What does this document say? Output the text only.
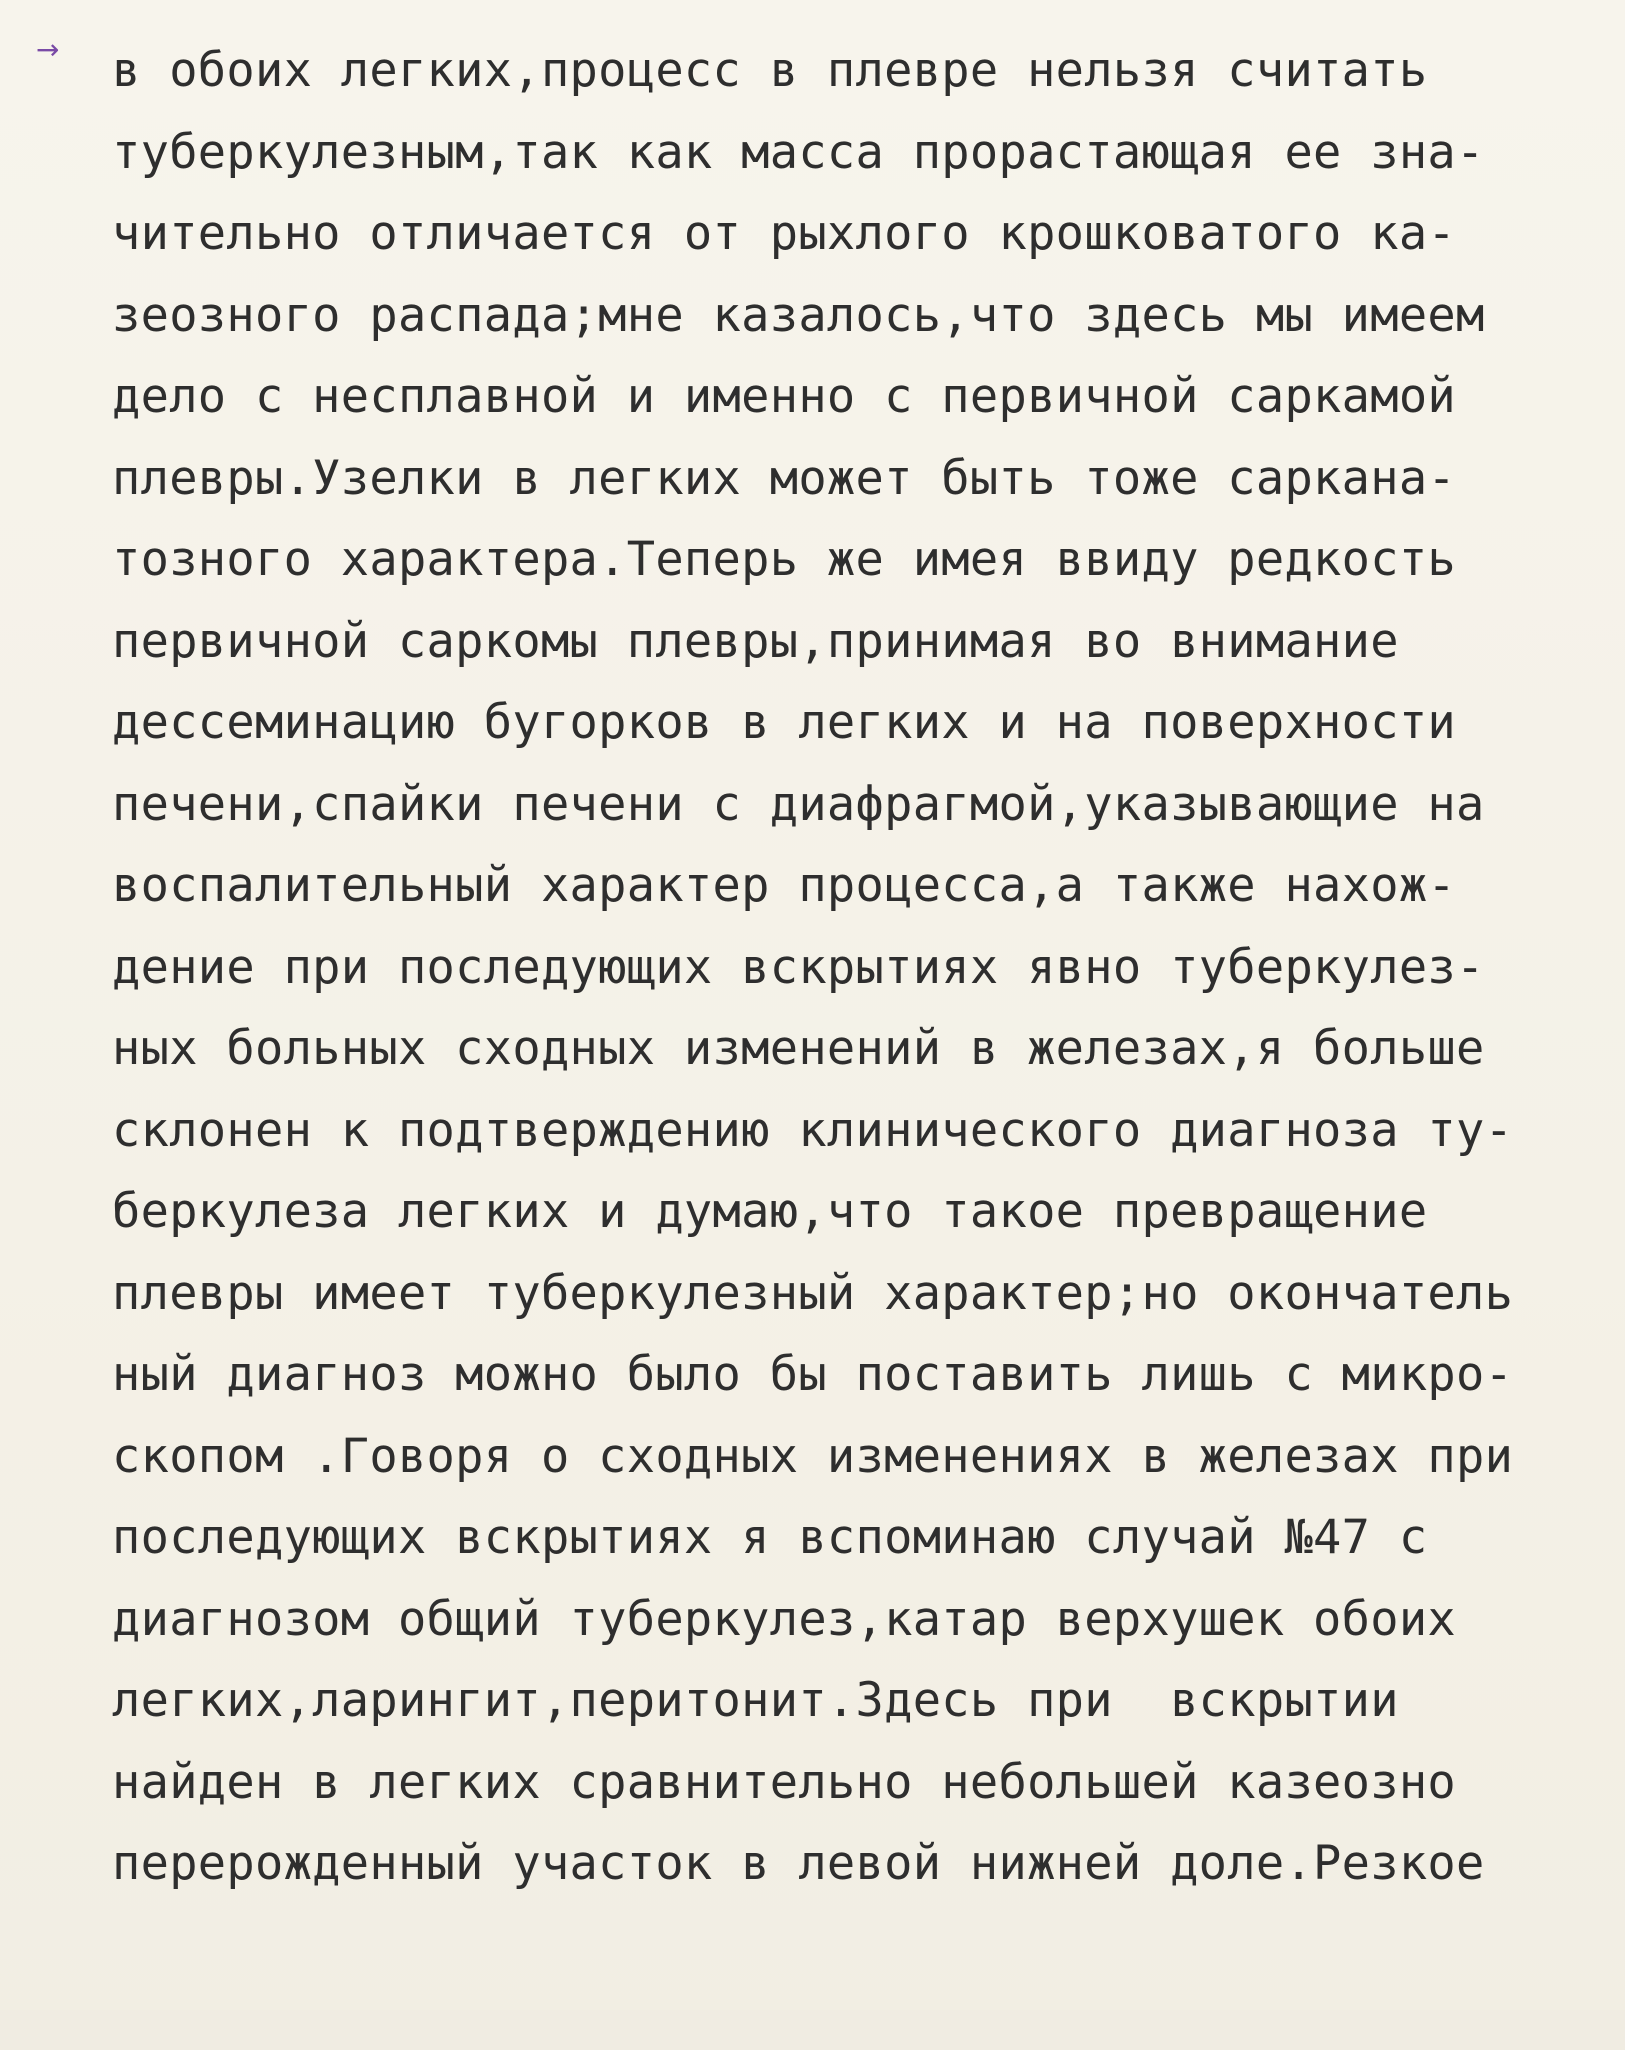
→ в обоих легких,процесс в плевре нельзя считать
туберкулезным,так как масса прорастающая ее зна-
чительно отличается от рыхлого крошковатого ка-
зеозного распада;мне казалось,что здесь мы имеем
дело с несплавной и именно с первичной саркамой
плевры.Узелки в легких может быть тоже саркана-
тозного характера.Теперь же имея ввиду редкость
первичной саркомы плевры,принимая во внимание
дессеминацию бугорков в легких и на поверхности
печени,спайки печени с диафрагмой,указывающие на
воспалительный характер процесса,а также нахож-
дение при последующих вскрытиях явно туберкулез-
ных больных сходных изменений в железах,я больше
склонен к подтверждению клинического диагноза ту-
беркулеза легких и думаю,что такое превращение
плевры имеет туберкулезный характер;но окончатель
ный диагноз можно было бы поставить лишь с микро-
скопом .Говоря о сходных изменениях в железах при
последующих вскрытиях я вспоминаю случай №47 с
диагнозом общий туберкулез,катар верхушек обоих
легких,ларингит,перитонит.Здесь при  вскрытии
найден в легких сравнительно небольшей казеозно
перерожденный участок в левой нижней доле.Резкое
